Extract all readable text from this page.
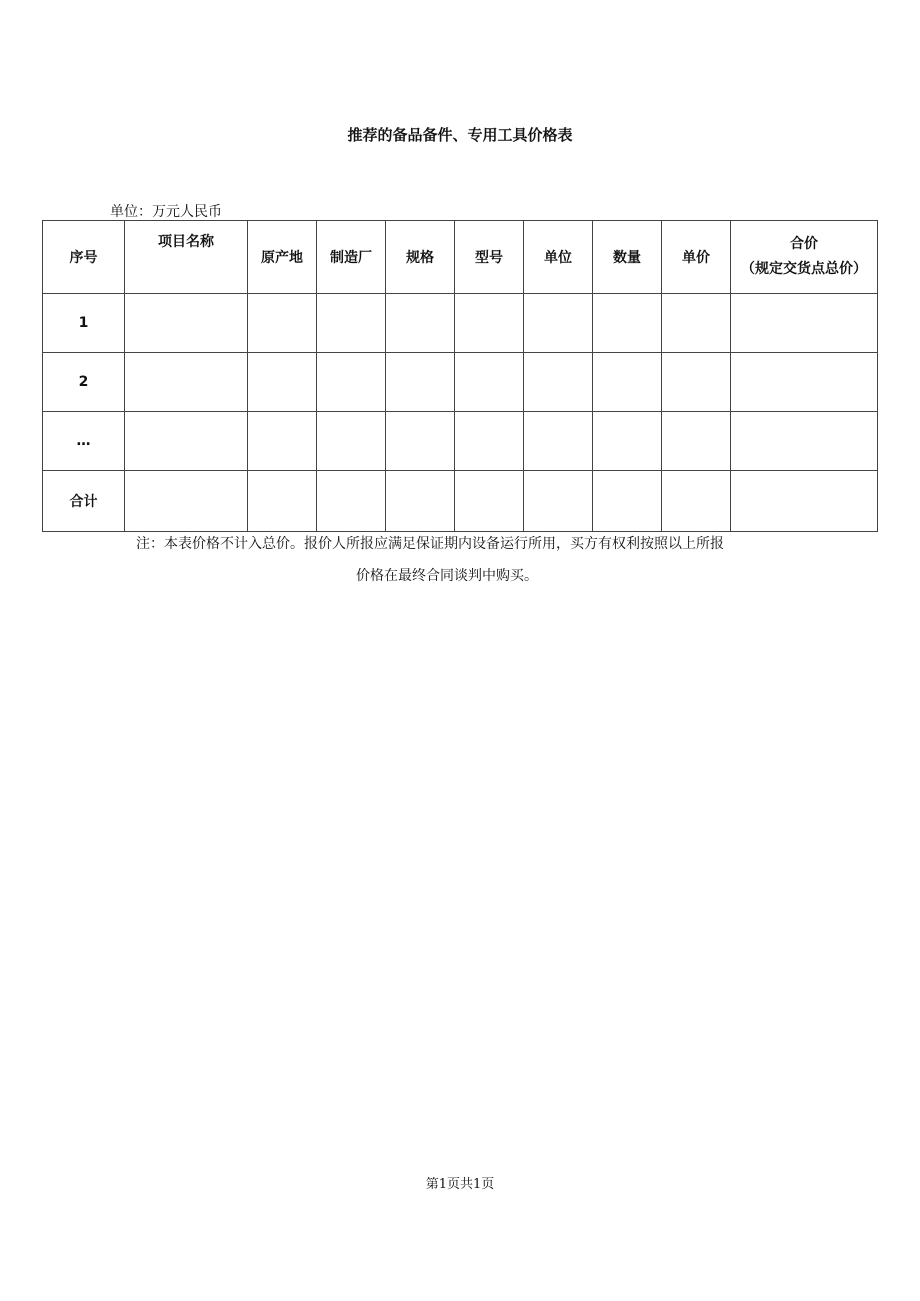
推荐的备品备件、专用工具价格表
单位：万元人民币
序号	项目名称	原产地	制造厂	规格	型号	单位	数量	单价	合价
（规定交货点总价）

1									
2									
…									
合计									
注：本表价格不计入总价。报价人所报应满足保证期内设备运行所用，买方有权利按照以上所报
价格在最终合同谈判中购买。
第1页共1页
